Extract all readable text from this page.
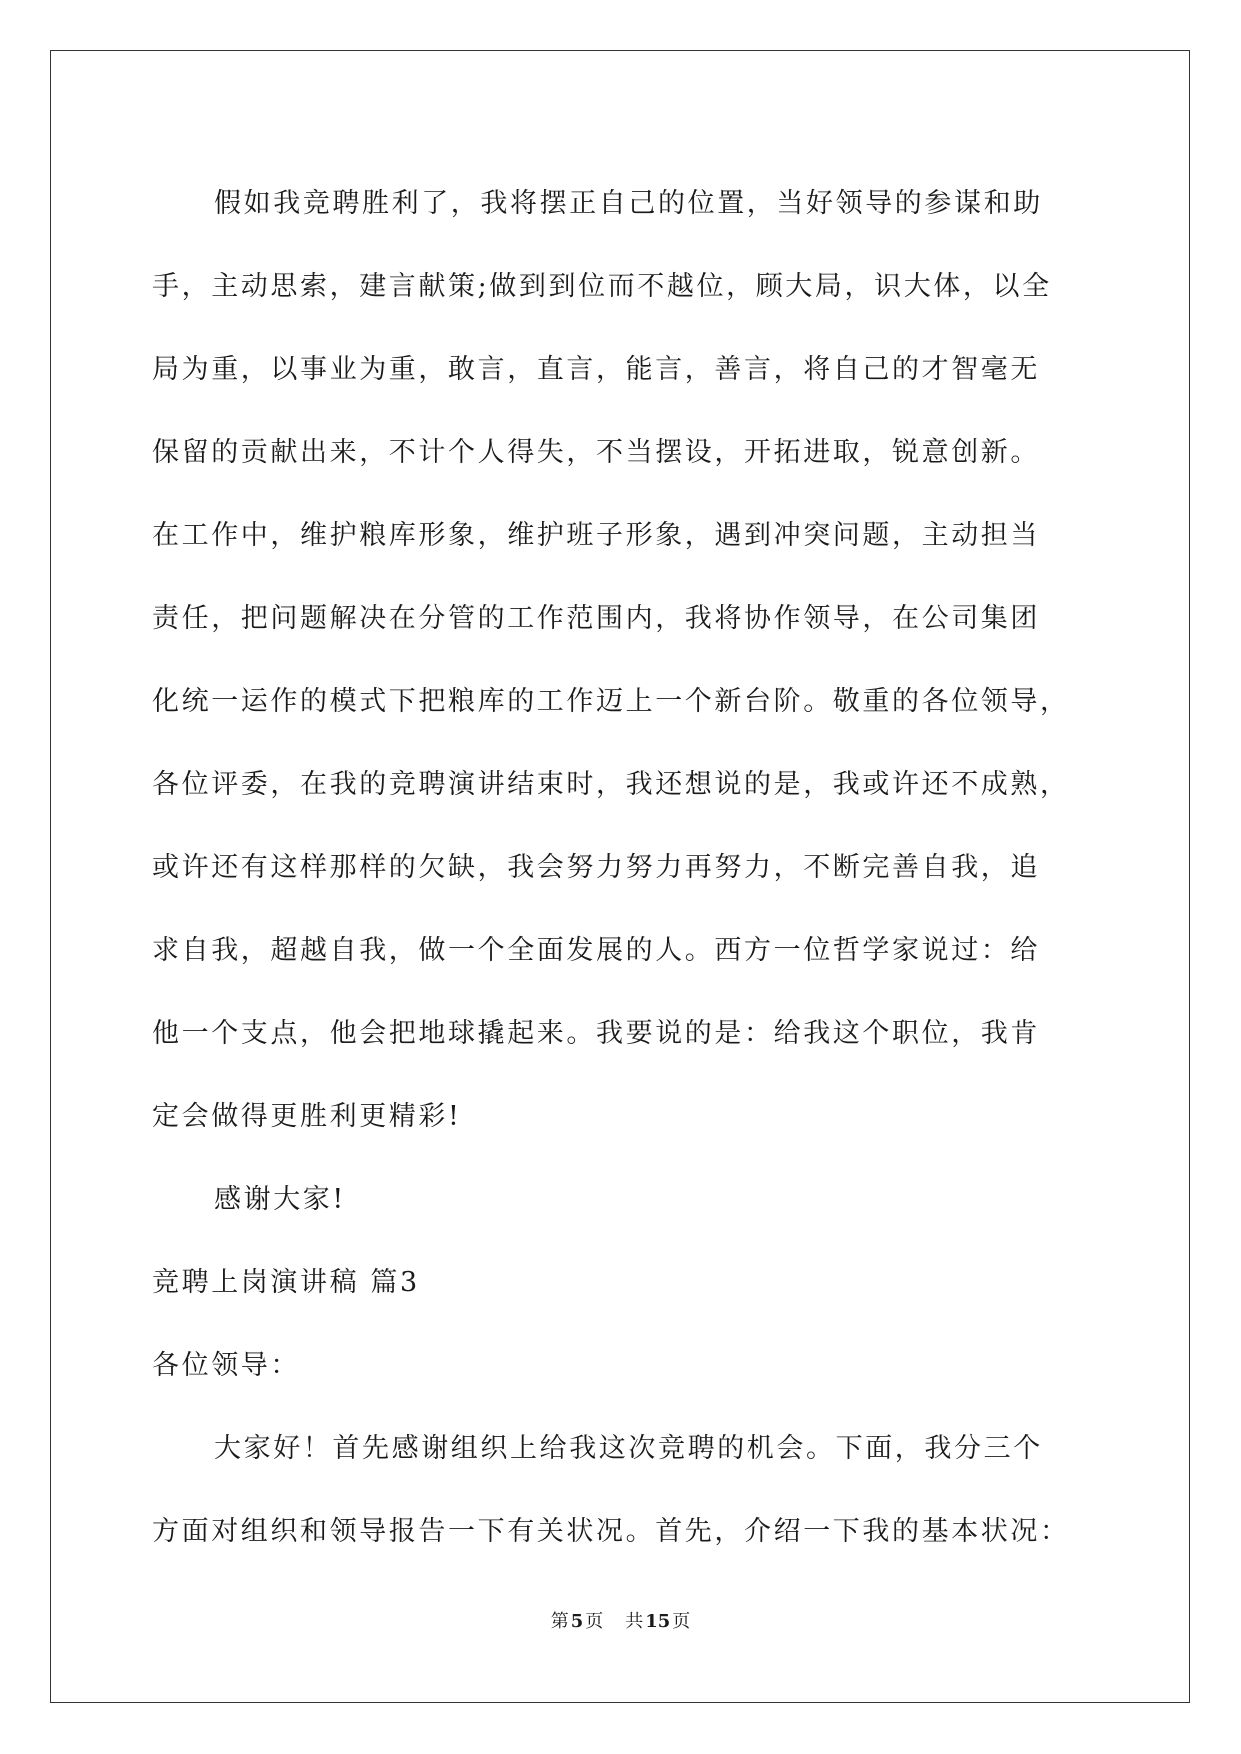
假如我竞聘胜利了，我将摆正自己的位置，当好领导的参谋和助
手，主动思索，建言献策;做到到位而不越位，顾大局，识大体，以全
局为重，以事业为重，敢言，直言，能言，善言，将自己的才智毫无
保留的贡献出来，不计个人得失，不当摆设，开拓进取，锐意创新。
在工作中，维护粮库形象，维护班子形象，遇到冲突问题，主动担当
责任，把问题解决在分管的工作范围内，我将协作领导，在公司集团
化统一运作的模式下把粮库的工作迈上一个新台阶。敬重的各位领导，
各位评委，在我的竞聘演讲结束时，我还想说的是，我或许还不成熟，
或许还有这样那样的欠缺，我会努力努力再努力，不断完善自我，追
求自我，超越自我，做一个全面发展的人。西方一位哲学家说过：给
他一个支点，他会把地球撬起来。我要说的是：给我这个职位，我肯
定会做得更胜利更精彩!
感谢大家!
竞聘上岗演讲稿 篇3
各位领导：
大家好！首先感谢组织上给我这次竞聘的机会。下面，我分三个
方面对组织和领导报告一下有关状况。首先，介绍一下我的基本状况：
第 5 页 共 15 页
